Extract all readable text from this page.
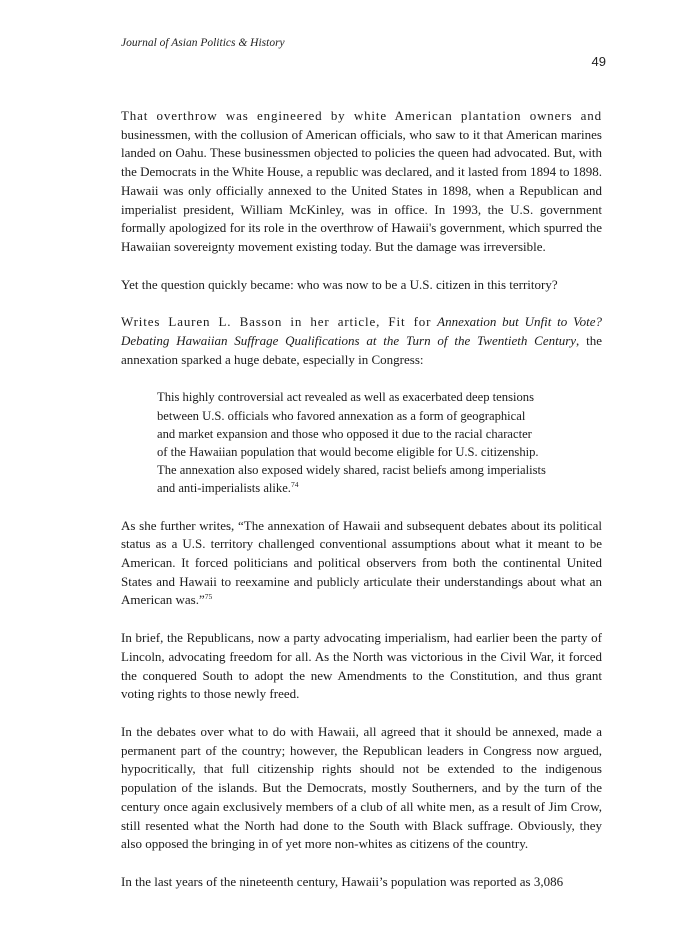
Journal of Asian Politics & History
49

That overthrow was engineered by white American plantation owners and businessmen, with the collusion of American officials, who saw to it that American marines landed on Oahu. These businessmen objected to policies the queen had advocated. But, with the Democrats in the White House, a republic was declared, and it lasted from 1894 to 1898. Hawaii was only officially annexed to the United States in 1898, when a Republican and imperialist president, William McKinley, was in office. In 1993, the U.S. government formally apologized for its role in the overthrow of Hawaii's government, which spurred the Hawaiian sovereignty movement existing today. But the damage was irreversible.

Yet the question quickly became: who was now to be a U.S. citizen in this territory?

Writes Lauren L. Basson in her article, Fit for Annexation but Unfit to Vote? Debating Hawaiian Suffrage Qualifications at the Turn of the Twentieth Century, the annexation sparked a huge debate, especially in Congress:

This highly controversial act revealed as well as exacerbated deep tensions
between U.S. officials who favored annexation as a form of geographical
and market expansion and those who opposed it due to the racial character
of the Hawaiian population that would become eligible for U.S. citizenship.
The annexation also exposed widely shared, racist beliefs among imperialists
and anti-imperialists alike.$^{74}$

As she further writes, “The annexation of Hawaii and subsequent debates about its political status as a U.S. territory challenged conventional assumptions about what it meant to be American. It forced politicians and political observers from both the continental United States and Hawaii to reexamine and publicly articulate their understandings about what an American was.”$^{75}$

In brief, the Republicans, now a party advocating imperialism, had earlier been the party of Lincoln, advocating freedom for all. As the North was victorious in the Civil War, it forced the conquered South to adopt the new Amendments to the Constitution, and thus grant voting rights to those newly freed.

In the debates over what to do with Hawaii, all agreed that it should be annexed, made a permanent part of the country; however, the Republican leaders in Congress now argued, hypocritically, that full citizenship rights should not be extended to the indigenous population of the islands. But the Democrats, mostly Southerners, and by the turn of the century once again exclusively members of a club of all white men, as a result of Jim Crow, still resented what the North had done to the South with Black suffrage. Obviously, they also opposed the bringing in of yet more non-whites as citizens of the country.

In the last years of the nineteenth century, Hawaii’s population was reported as 3,086
